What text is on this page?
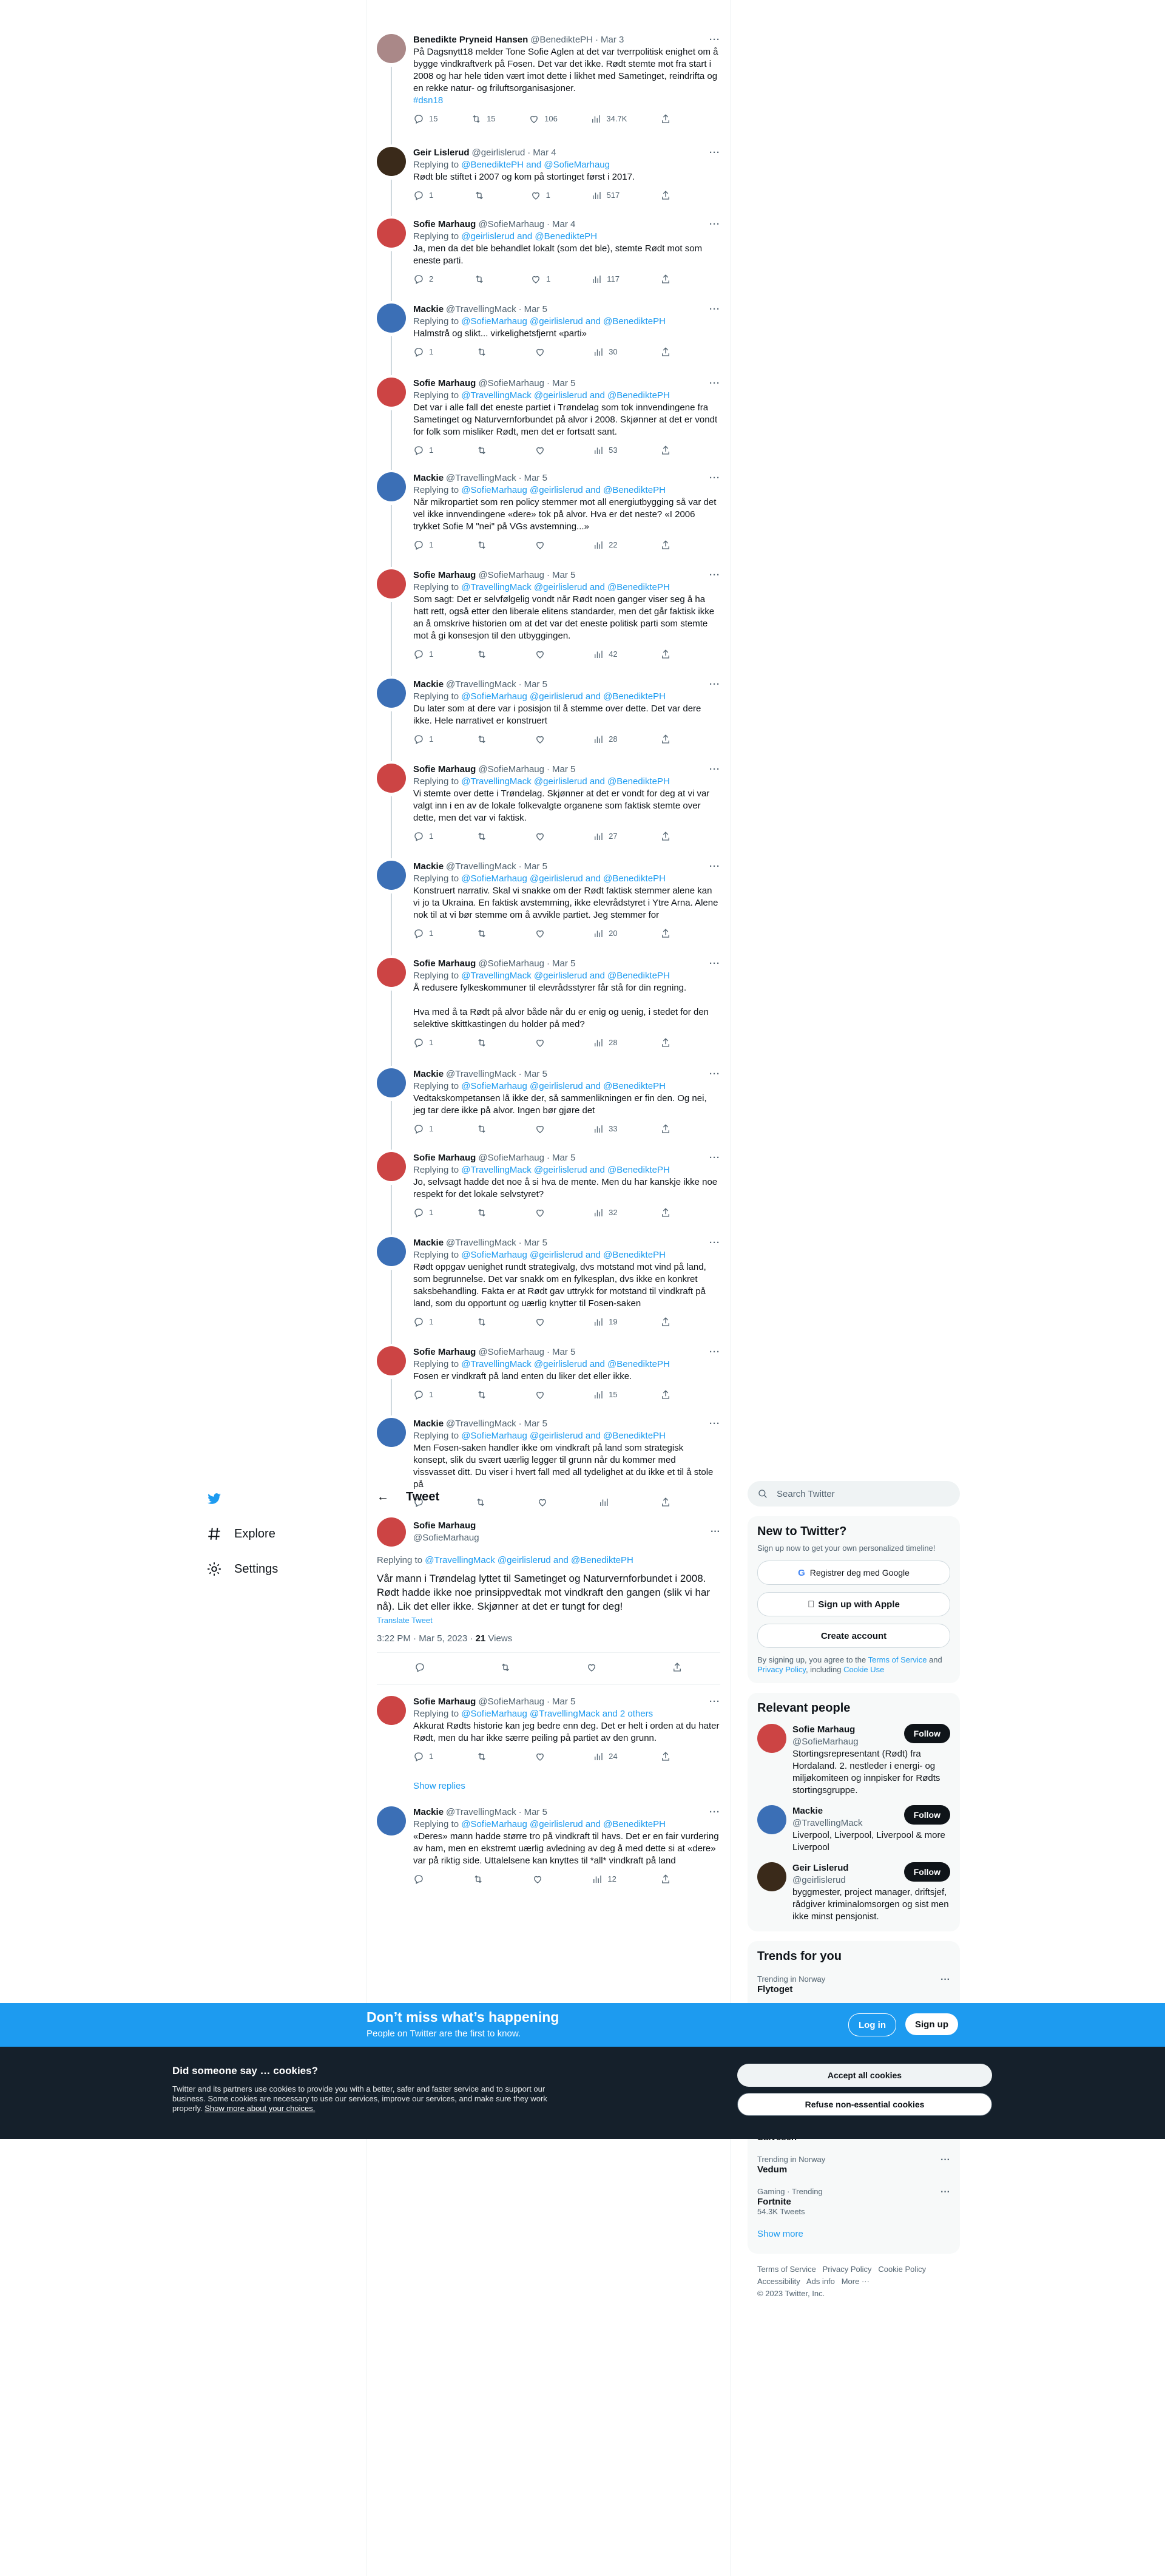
Benedikte Pryneid Hansen @BenediktePH · Mar 3	···
På Dagsnytt18 melder Tone Sofie Aglen at det var tverrpolitisk enighet om å bygge vindkraftverk på Fosen. Det var det ikke. Rødt stemte mot fra start i 2008 og har hele tiden vært imot dette i likhet med Sametinget, reindrifta og en rekke natur- og friluftsorganisasjoner.
#dsn18
15	15	106	34.7K
Geir Lislerud @geirlislerud · Mar 4	···
Replying to @BenediktePH and @SofieMarhaug
Rødt ble stiftet i 2007 og kom på stortinget først i 2017.
1	1	517
Sofie Marhaug @SofieMarhaug · Mar 4	···
Replying to @geirlislerud and @BenediktePH
Ja, men da det ble behandlet lokalt (som det ble), stemte Rødt mot som eneste parti.
2	1	117
Mackie @TravellingMack · Mar 5	···
Replying to @SofieMarhaug @geirlislerud and @BenediktePH
Halmstrå og slikt... virkelighetsfjernt «parti»
1	30
Sofie Marhaug @SofieMarhaug · Mar 5	···
Replying to @TravellingMack @geirlislerud and @BenediktePH
Det var i alle fall det eneste partiet i Trøndelag som tok innvendingene fra Sametinget og Naturvernforbundet på alvor i 2008. Skjønner at det er vondt for folk som misliker Rødt, men det er fortsatt sant.
1	53
Mackie @TravellingMack · Mar 5	···
Replying to @SofieMarhaug @geirlislerud and @BenediktePH
Når mikropartiet som ren policy stemmer mot all energiutbygging så var det vel ikke innvendingene «dere» tok på alvor. Hva er det neste? «I 2006 trykket Sofie M "nei" på VGs avstemning...»
1	22
Sofie Marhaug @SofieMarhaug · Mar 5	···
Replying to @TravellingMack @geirlislerud and @BenediktePH
Som sagt: Det er selvfølgelig vondt når Rødt noen ganger viser seg å ha hatt rett, også etter den liberale elitens standarder, men det går faktisk ikke an å omskrive historien om at det var det eneste politisk parti som stemte mot å gi konsesjon til den utbyggingen.
1	42
Mackie @TravellingMack · Mar 5	···
Replying to @SofieMarhaug @geirlislerud and @BenediktePH
Du later som at dere var i posisjon til å stemme over dette. Det var dere ikke. Hele narrativet er konstruert
1	28
Sofie Marhaug @SofieMarhaug · Mar 5	···
Replying to @TravellingMack @geirlislerud and @BenediktePH
Vi stemte over dette i Trøndelag. Skjønner at det er vondt for deg at vi var valgt inn i en av de lokale folkevalgte organene som faktisk stemte over dette, men det var vi faktisk.
1	27
Mackie @TravellingMack · Mar 5	···
Replying to @SofieMarhaug @geirlislerud and @BenediktePH
Konstruert narrativ. Skal vi snakke om der Rødt faktisk stemmer alene kan vi jo ta Ukraina. En faktisk avstemming, ikke elevrådstyret i Ytre Arna. Alene nok til at vi bør stemme om å avvikle partiet. Jeg stemmer for
1	20
Sofie Marhaug @SofieMarhaug · Mar 5	···
Replying to @TravellingMack @geirlislerud and @BenediktePH
Å redusere fylkeskommuner til elevrådsstyrer får stå for din regning.

Hva med å ta Rødt på alvor både når du er enig og uenig, i stedet for den selektive skittkastingen du holder på med?
1	28
Mackie @TravellingMack · Mar 5	···
Replying to @SofieMarhaug @geirlislerud and @BenediktePH
Vedtakskompetansen lå ikke der, så sammenlikningen er fin den. Og nei, jeg tar dere ikke på alvor. Ingen bør gjøre det
1	33
Sofie Marhaug @SofieMarhaug · Mar 5	···
Replying to @TravellingMack @geirlislerud and @BenediktePH
Jo, selvsagt hadde det noe å si hva de mente. Men du har kanskje ikke noe respekt for det lokale selvstyret?
1	32
Mackie @TravellingMack · Mar 5	···
Replying to @SofieMarhaug @geirlislerud and @BenediktePH
Rødt oppgav uenighet rundt strategivalg, dvs motstand mot vind på land, som begrunnelse. Det var snakk om en fylkesplan, dvs ikke en konkret saksbehandling. Fakta er at Rødt gav uttrykk for motstand til vindkraft på land, som du opportunt og uærlig knytter til Fosen-saken
1	19
Sofie Marhaug @SofieMarhaug · Mar 5	···
Replying to @TravellingMack @geirlislerud and @BenediktePH
Fosen er vindkraft på land enten du liker det eller ikke.
1	15
Mackie @TravellingMack · Mar 5	···
Replying to @SofieMarhaug @geirlislerud and @BenediktePH
Men Fosen-saken handler ikke om vindkraft på land som strategisk konsept, slik du svært uærlig legger til grunn når du kommer med vissvasset ditt. Du viser i hvert fall med all tydelighet at du ikke et til å stole på
← Tweet
Sofie Marhaug
@SofieMarhaug
···
Replying to @TravellingMack @geirlislerud and @BenediktePH
Vår mann i Trøndelag lyttet til Sametinget og Naturvernforbundet i 2008. Rødt hadde ikke noe prinsippvedtak mot vindkraft den gangen (slik vi har nå). Lik det eller ikke. Skjønner at det er tungt for deg!
Translate Tweet
3:22 PM · Mar 5, 2023 · 21 Views
Sofie Marhaug @SofieMarhaug · Mar 5	···
Replying to @SofieMarhaug @TravellingMack and 2 others
Akkurat Rødts historie kan jeg bedre enn deg. Det er helt i orden at du hater Rødt, men du har ikke særre peiling på partiet av den grunn.
1	24
Mackie @TravellingMack · Mar 5	···
Replying to @SofieMarhaug @geirlislerud and @BenediktePH
«Deres» mann hadde større tro på vindkraft til havs. Det er en fair vurdering av ham, men en ekstremt uærlig avledning av deg å med dette si at «dere» var på riktig side. Uttalelsene kan knyttes til *all* vindkraft på land
12
Show replies
Explore
Settings
Search Twitter
New to Twitter?
Sign up now to get your own personalized timeline!
G Registrer deg med Google
Sign up with Apple
Create account
By signing up, you agree to the Terms of Service and Privacy Policy, including Cookie Use
Relevant people
Sofie Marhaug
@SofieMarhaug
Follow
Stortingsrepresentant (Rødt) fra Hordaland. 2. nestleder i energi- og miljøkomiteen og innpisker for Rødts stortingsgruppe.
Mackie
@TravellingMack
Follow
Liverpool, Liverpool, Liverpool & more Liverpool
Geir Lislerud
@geirlislerud
Follow
byggmester, project manager, driftsjef, rådgiver kriminalomsorgen og sist men ikke minst pensjonist.
Trends for you
Trending in Norway
Flytoget
···
Trending in Norway
Vedum
···
Gaming · Trending
Fortnite
54.3K Tweets
···
Show more
Terms of Service   Privacy Policy   Cookie Policy
Accessibility   Ads info   More ···
© 2023 Twitter, Inc.
Don’t miss what’s happening
People on Twitter are the first to know.
Log in	Sign up
Did someone say … cookies?
Twitter and its partners use cookies to provide you with a better, safer and faster service and to support our business. Some cookies are necessary to use our services, improve our services, and make sure they work properly. Show more about your choices.
Accept all cookies
Refuse non-essential cookies
